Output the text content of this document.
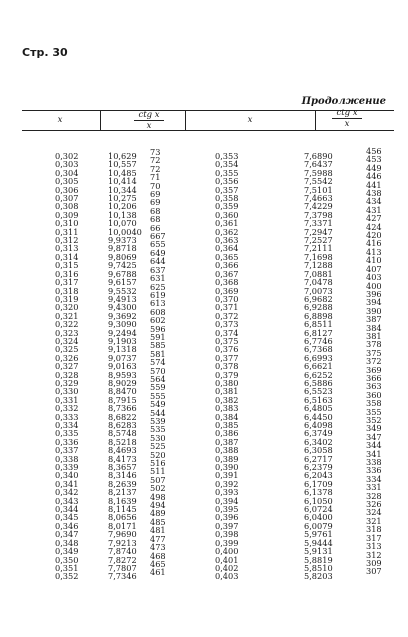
Стр. 30
Продолжение
x	ctg x
x
x
ctg x
x
0,302
0,303
0,304
0,305
0,306
0,307
0,308
0,309
0,310
0,311
0,312
0,313
0,314
0,315
0,316
0,317
0,318
0,319
0,320
0,321
0,322
0,323
0,324
0,325
0,326
0,327
0,328
0,329
0,330
0,331
0,332
0,333
0,334
0,335
0,336
0,337
0,338
0,339
0,340
0,341
0,342
0,343
0,344
0,345
0,346
0,347
0,348
0,349
0,350
0,351
0,352
10,629
10,557
10,485
10,414
10,344
10,275
10,206
10,138
10,070
10,0040
9,9373
9,8718
9,8069
9,7425
9,6788
9,6157
9,5532
9,4913
9,4300
9,3692
9,3090
9,2494
9,1903
9,1318
9,0737
9,0163
8,9593
8,9029
8,8470
8,7915
8,7366
8,6822
8,6283
8,5748
8,5218
8,4693
8,4173
8,3657
8,3146
8,2639
8,2137
8,1639
8,1145
8,0656
8,0171
7,9690
7,9213
7,8740
7,8272
7,7807
7,7346
73
72
72
71
70
69
69
68
68
66
667
655
649
644
637
631
625
619
613
608
602
596
591
585
581
574
570
564
559
555
549
544
539
535
530
525
520
516
511
507
502
498
494
489
485
481
477
473
468
465
461
0,353
0,354
0,355
0,356
0,357
0,358
0,359
0,360
0,361
0,362
0,363
0,364
0,365
0,366
0,367
0,368
0,369
0,370
0,371
0,372
0,373
0,374
0,375
0,376
0,377
0,378
0,379
0,380
0,381
0,382
0,383
0,384
0,385
0,386
0,387
0,388
0,389
0,390
0,391
0,392
0,393
0,394
0,395
0,396
0,397
0,398
0,399
0,400
0,401
0,402
0,403
7,6890
7,6437
7,5988
7,5542
7,5101
7,4663
7,4229
7,3798
7,3371
7,2947
7,2527
7,2111
7,1698
7,1288
7,0881
7,0478
7,0073
6,9682
6,9288
6,8898
6,8511
6,8127
6,7746
6,7368
6,6993
6,6621
6,6252
6,5886
6,5523
6,5163
6,4805
6,4450
6,4098
6,3749
6,3402
6,3058
6,2717
6,2379
6,2043
6,1709
6,1378
6,1050
6,0724
6,0400
6,0079
5,9761
5,9444
5,9131
5,8819
5,8510
5,8203
456
453
449
446
441
438
434
431
427
424
420
416
413
410
407
403
400
396
394
390
387
384
381
378
375
372
369
366
363
360
358
355
352
349
347
344
341
338
336
334
331
328
326
324
321
318
317
313
312
309
307
